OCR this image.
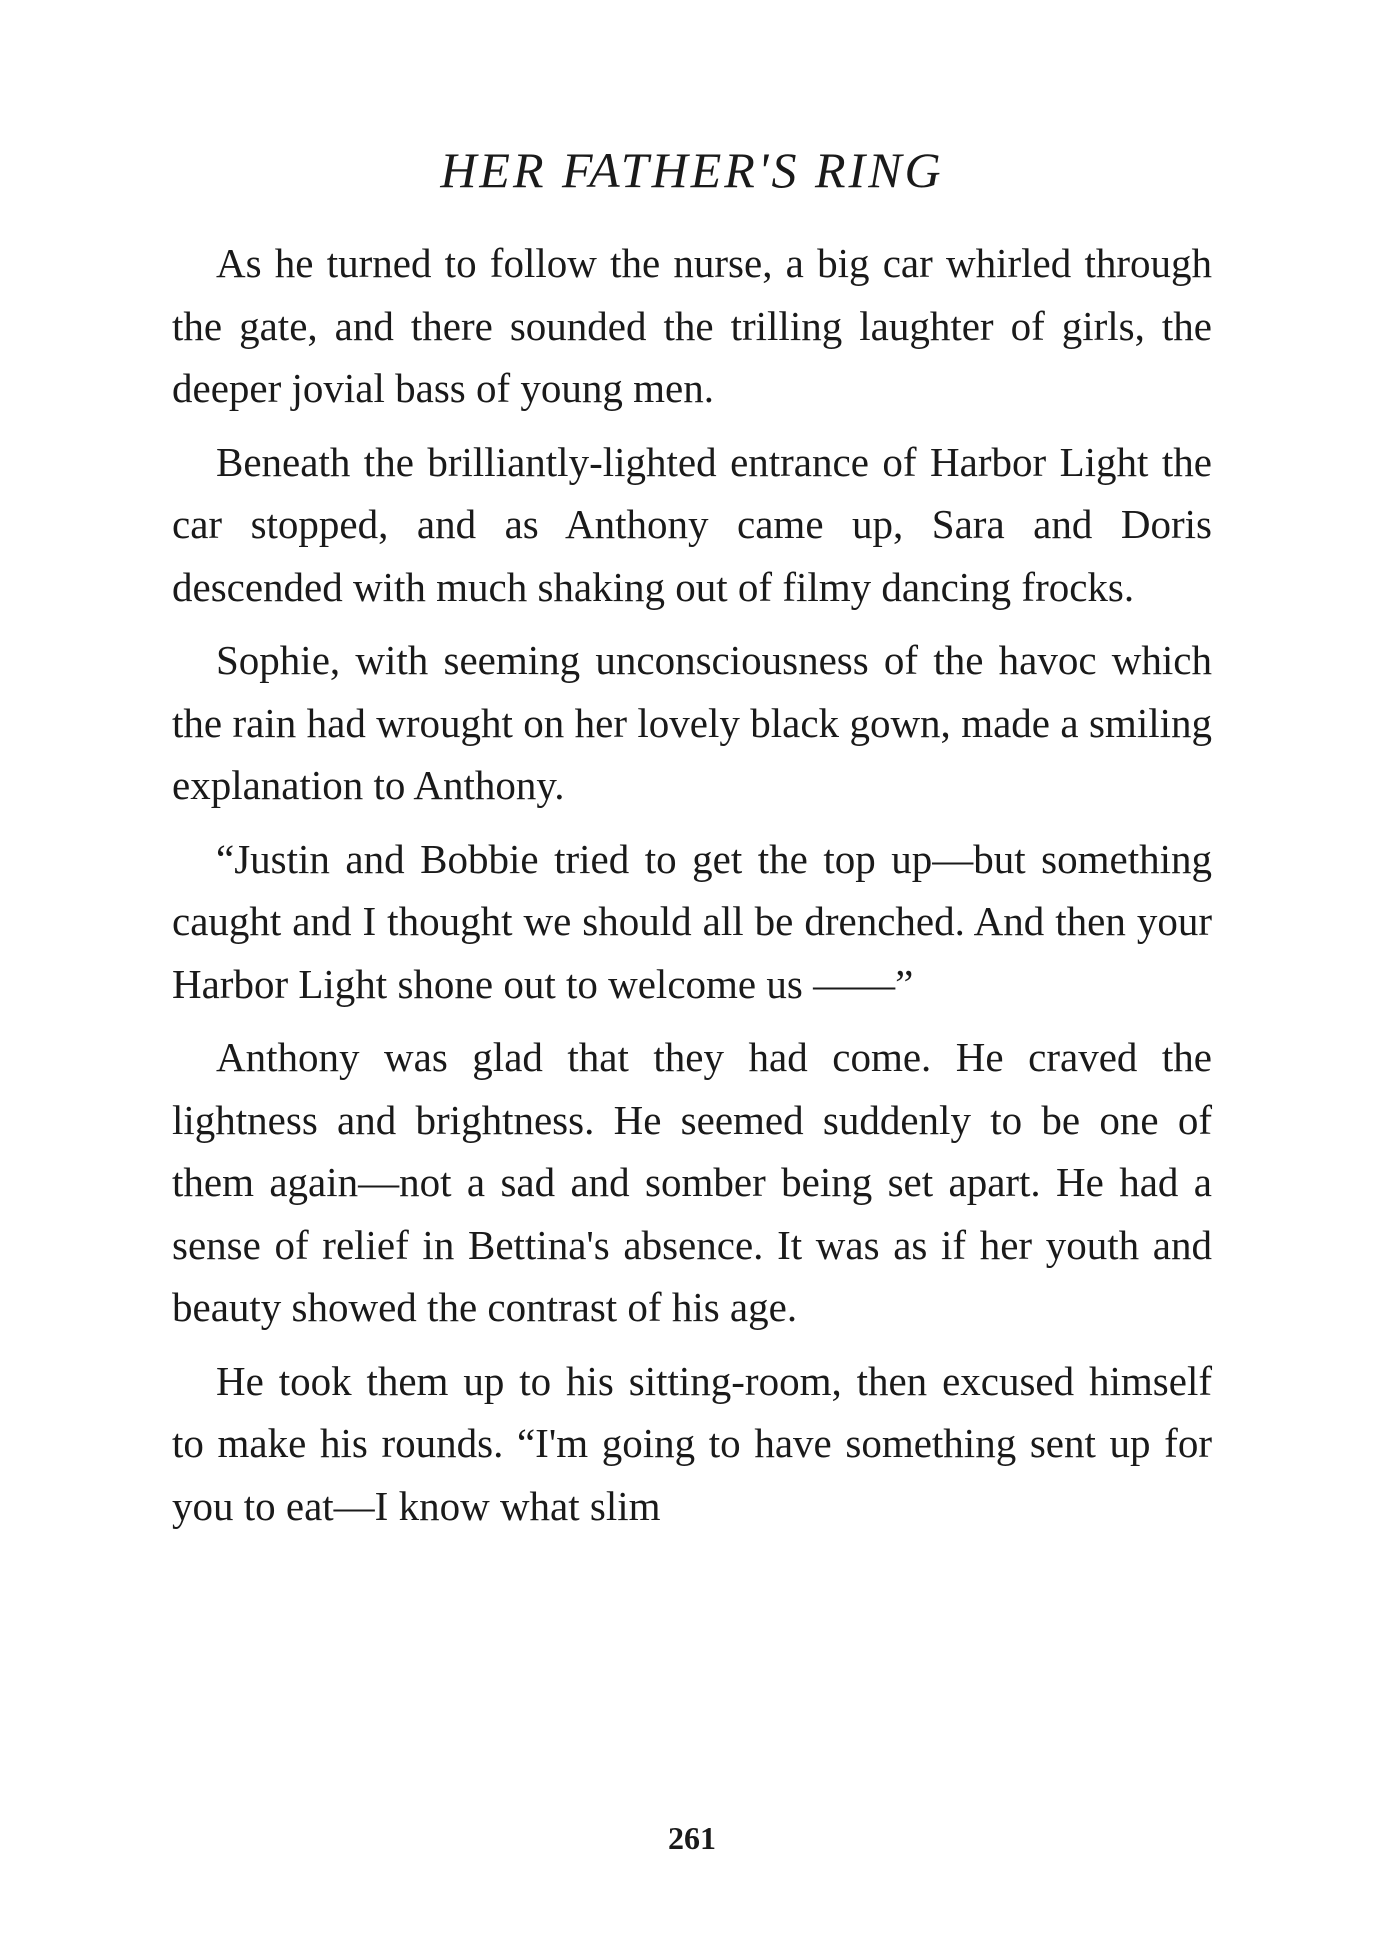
HER FATHER'S RING

As he turned to follow the nurse, a big car whirled through the gate, and there sounded the trilling laughter of girls, the deeper jovial bass of young men.

Beneath the brilliantly-lighted entrance of Harbor Light the car stopped, and as Anthony came up, Sara and Doris descended with much shaking out of filmy dancing frocks.

Sophie, with seeming unconsciousness of the havoc which the rain had wrought on her lovely black gown, made a smiling explanation to Anthony.

“Justin and Bobbie tried to get the top up—but something caught and I thought we should all be drenched. And then your Harbor Light shone out to welcome us ——”

Anthony was glad that they had come. He craved the lightness and brightness. He seemed suddenly to be one of them again—not a sad and somber being set apart. He had a sense of relief in Bettina's absence. It was as if her youth and beauty showed the contrast of his age.

He took them up to his sitting-room, then excused himself to make his rounds. “I'm going to have something sent up for you to eat—I know what slim

261
